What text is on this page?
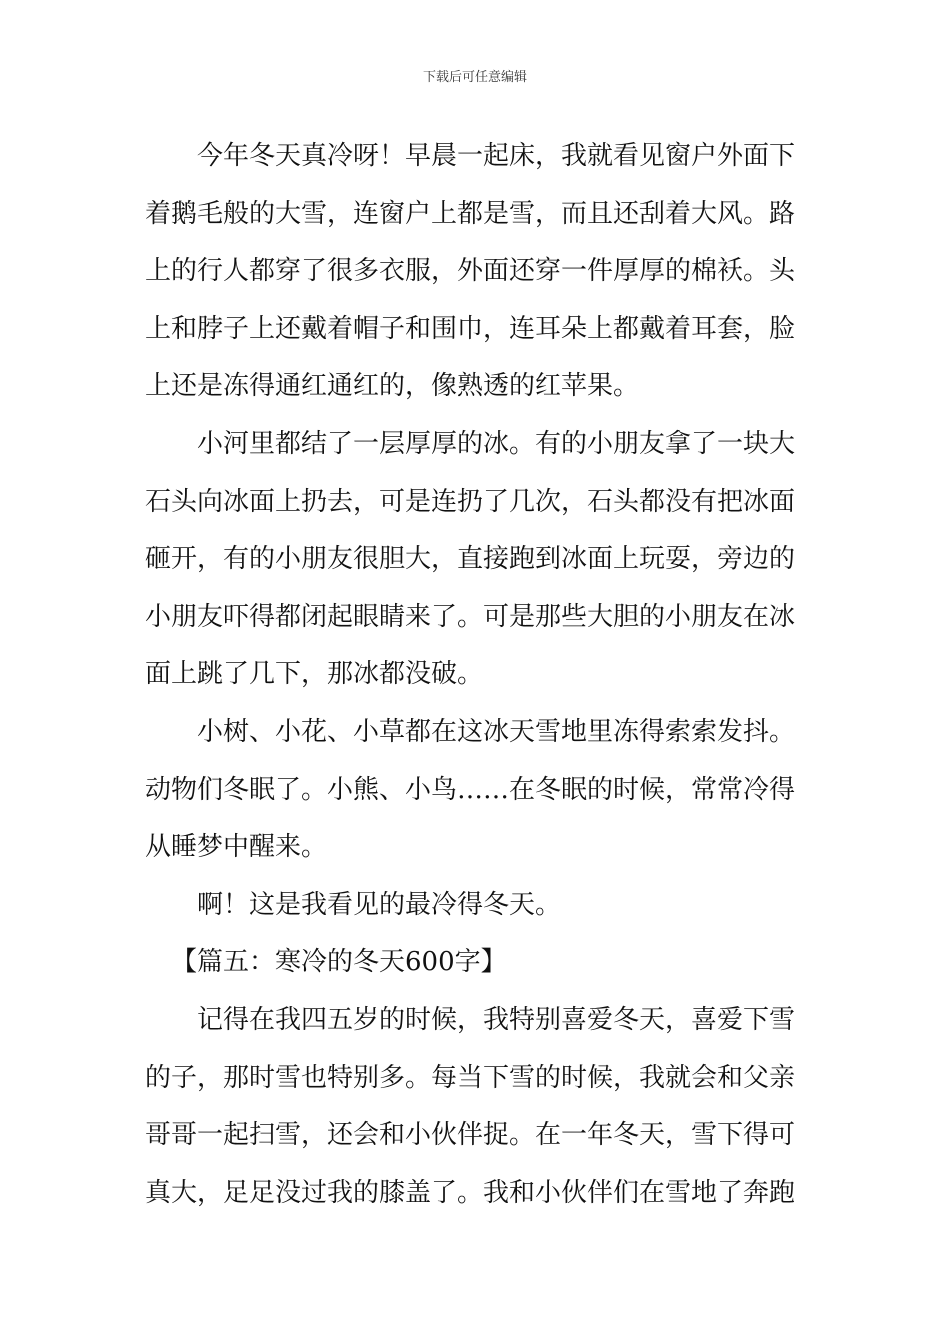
下载后可任意编辑

今年冬天真冷呀！早晨一起床，我就看见窗户外面下着鹅毛般的大雪，连窗户上都是雪，而且还刮着大风。路上的行人都穿了很多衣服，外面还穿一件厚厚的棉袄。头上和脖子上还戴着帽子和围巾，连耳朵上都戴着耳套，脸上还是冻得通红通红的，像熟透的红苹果。

小河里都结了一层厚厚的冰。有的小朋友拿了一块大石头向冰面上扔去，可是连扔了几次，石头都没有把冰面砸开，有的小朋友很胆大，直接跑到冰面上玩耍，旁边的小朋友吓得都闭起眼睛来了。可是那些大胆的小朋友在冰面上跳了几下，那冰都没破。

小树、小花、小草都在这冰天雪地里冻得索索发抖。动物们冬眠了。小熊、小鸟……在冬眠的时候，常常冷得从睡梦中醒来。

啊！这是我看见的最冷得冬天。

【篇五：寒冷的冬天600字】

记得在我四五岁的时候，我特别喜爱冬天，喜爱下雪的子，那时雪也特别多。每当下雪的时候，我就会和父亲哥哥一起扫雪，还会和小伙伴捉。在一年冬天，雪下得可真大，足足没过我的膝盖了。我和小伙伴们在雪地了奔跑
